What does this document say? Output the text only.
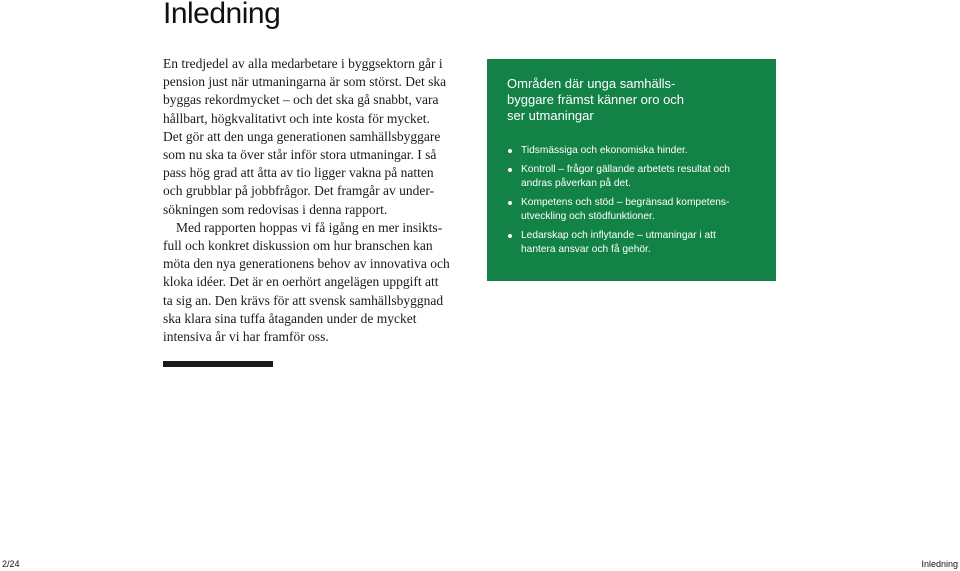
Inledning

En tredjedel av alla medarbetare i byggsektorn går i
pension just när utmaningarna är som störst. Det ska
byggas rekordmycket – och det ska gå snabbt, vara
hållbart, högkvalitativt och inte kosta för mycket.
Det gör att den unga generationen samhällsbyggare
som nu ska ta över står inför stora utmaningar. I så
pass hög grad att åtta av tio ligger vakna på natten
och grubblar på jobbfrågor. Det framgår av under-
sökningen som redovisas i denna rapport.

Med rapporten hoppas vi få igång en mer insikts-
full och konkret diskussion om hur branschen kan
möta den nya generationens behov av innovativa och
kloka idéer. Det är en oerhört angelägen uppgift att
ta sig an. Den krävs för att svensk samhällsbyggnad
ska klara sina tuffa åtaganden under de mycket
intensiva år vi har framför oss.

Områden där unga samhälls-
byggare främst känner oro och
ser utmaningar
Tidsmässiga och ekonomiska hinder.
Kontroll – frågor gällande arbetets resultat och
andras påverkan på det.
Kompetens och stöd – begränsad kompetens-
utveckling och stödfunktioner.
Ledarskap och inflytande – utmaningar i att
hantera ansvar och få gehör.
2/24	Inledning
